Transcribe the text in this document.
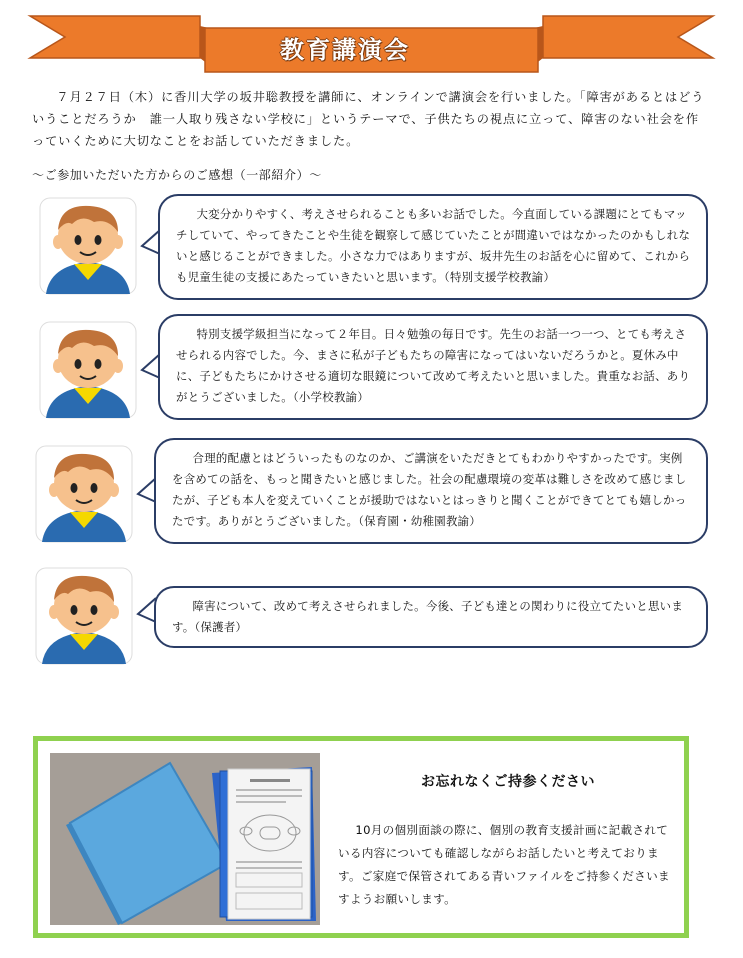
教育講演会

７月２７日（木）に香川大学の坂井聡教授を講師に、オンラインで講演会を行いました。「障害があるとはどういうことだろうか　誰一人取り残さない学校に」というテーマで、子供たちの視点に立って、障害のない社会を作っていくために大切なことをお話していただきました。

～ご参加いただいた方からのご感想（一部紹介）～

大変分かりやすく、考えさせられることも多いお話でした。今直面している課題にとてもマッチしていて、やってきたことや生徒を観察して感じていたことが間違いではなかったのかもしれないと感じることができました。小さな力ではありますが、坂井先生のお話を心に留めて、これからも児童生徒の支援にあたっていきたいと思います。（特別支援学校教諭）

特別支援学級担当になって２年目。日々勉強の毎日です。先生のお話一つ一つ、とても考えさせられる内容でした。今、まさに私が子どもたちの障害になってはいないだろうかと。夏休み中に、子どもたちにかけさせる適切な眼鏡について改めて考えたいと思いました。貴重なお話、ありがとうございました。（小学校教諭）

合理的配慮とはどういったものなのか、ご講演をいただきとてもわかりやすかったです。実例を含めての話を、もっと聞きたいと感じました。社会の配慮環境の変革は難しさを改めて感じましたが、子ども本人を変えていくことが援助ではないとはっきりと聞くことができてとても嬉しかったです。ありがとうございました。（保育園・幼稚園教諭）

障害について、改めて考えさせられました。今後、子ども達との関わりに役立てたいと思います。（保護者）

お忘れなくご持参ください

10月の個別面談の際に、個別の教育支援計画に記載されている内容についても確認しながらお話したいと考えております。ご家庭で保管されてある青いファイルをご持参くださいますようお願いします。
